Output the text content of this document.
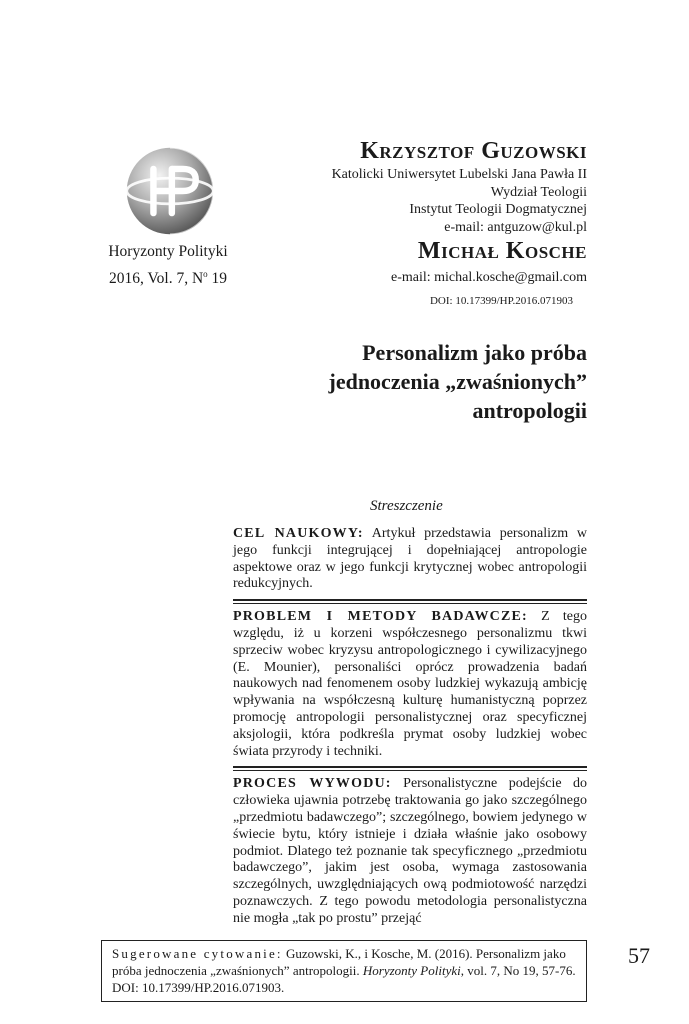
Horyzonty Polityki
2016, Vol. 7, $N^o$ 19

Krzysztof Guzowski

Katolicki Uniwersytet Lubelski Jana Pawła II

Wydział Teologii

Instytut Teologii Dogmatycznej

e-mail: antguzow@kul.pl

Michał Kosche

e-mail: michal.kosche@gmail.com

DOI: 10.17399/HP.2016.071903

Personalizm jako próba
jednoczenia „zwaśnionych”
antropologii

Streszczenie

CEL NAUKOWY: Artykuł przedstawia personalizm w jego funkcji integrującej i dopełniającej antropologie aspektowe oraz w jego funkcji krytycznej wobec antropologii redukcyjnych.

PROBLEM I METODY BADAWCZE: Z tego względu, iż u korzeni współczesnego personalizmu tkwi sprzeciw wobec kryzysu antropologicznego i cywilizacyjnego (E. Mounier), personaliści oprócz prowadzenia badań naukowych nad fenomenem osoby ludzkiej wykazują ambicję wpływania na współczesną kulturę humanistyczną poprzez promocję antropologii personalistycznej oraz specyficznej aksjologii, która podkreśla prymat osoby ludzkiej wobec świata przyrody i techniki.

PROCES WYWODU: Personalistyczne podejście do człowieka ujawnia potrzebę traktowania go jako szczególnego „przedmiotu badawczego”; szczególnego, bowiem jedynego w świecie bytu, który istnieje i działa właśnie jako osobowy podmiot. Dlatego też poznanie tak specyficznego „przedmiotu badawczego”, jakim jest osoba, wymaga zastosowania szczególnych, uwzględniających ową podmiotowość narzędzi poznawczych. Z tego powodu metodologia personalistyczna nie mogła „tak po prostu” przejąć

Sugerowane cytowanie: Guzowski, K., i Kosche, M. (2016). Personalizm jako próba jednoczenia „zwaśnionych” antropologii. Horyzonty Polityki, vol. 7, No 19, 57-76. DOI: 10.17399/HP.2016.071903.
57
